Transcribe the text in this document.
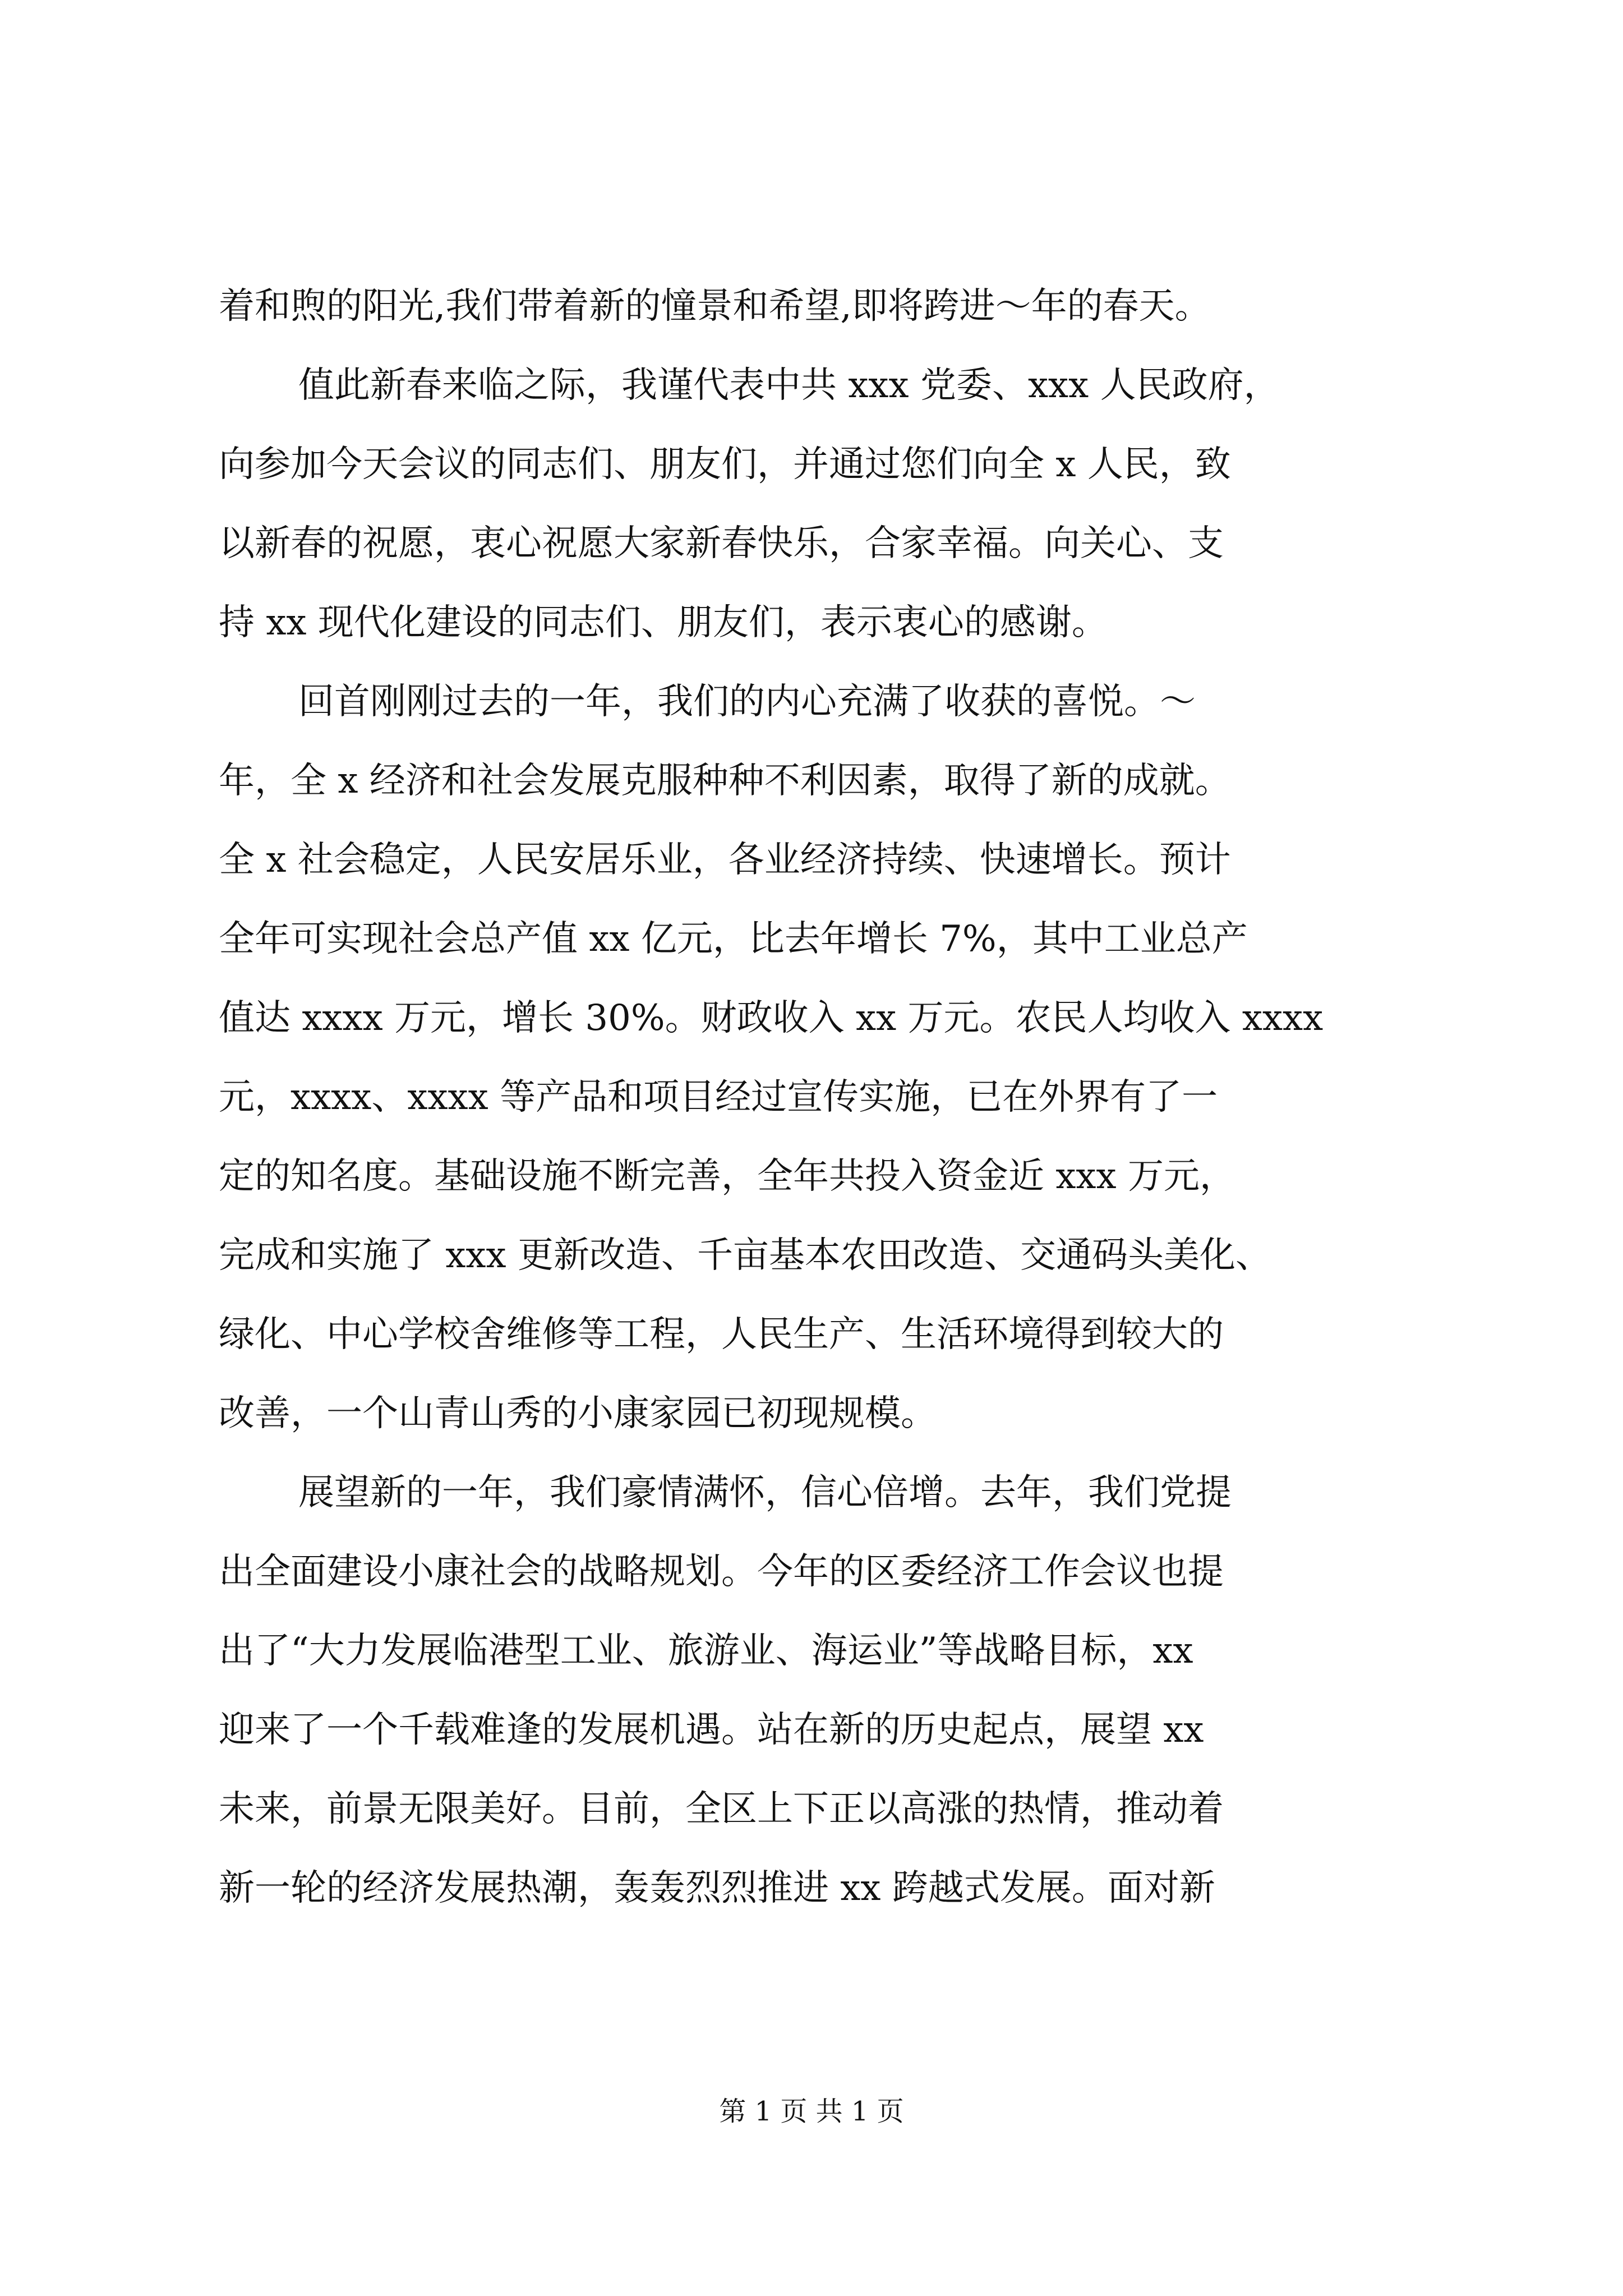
着和煦的阳光,我们带着新的憧景和希望,即将跨进～年的春天。
值此新春来临之际，我谨代表中共 xxx 党委、xxx 人民政府，
向参加今天会议的同志们、朋友们，并通过您们向全 x 人民，致
以新春的祝愿，衷心祝愿大家新春快乐，合家幸福。向关心、支
持 xx 现代化建设的同志们、朋友们，表示衷心的感谢。
回首刚刚过去的一年，我们的内心充满了收获的喜悦。～
年，全 x 经济和社会发展克服种种不利因素，取得了新的成就。
全 x 社会稳定，人民安居乐业，各业经济持续、快速增长。预计
全年可实现社会总产值 xx 亿元，比去年增长 7%，其中工业总产
值达 xxxx 万元，增长 30%。财政收入 xx 万元。农民人均收入 xxxx
元，xxxx、xxxx 等产品和项目经过宣传实施，已在外界有了一
定的知名度。基础设施不断完善，全年共投入资金近 xxx 万元，
完成和实施了 xxx 更新改造、千亩基本农田改造、交通码头美化、
绿化、中心学校舍维修等工程，人民生产、生活环境得到较大的
改善，一个山青山秀的小康家园已初现规模。
展望新的一年，我们豪情满怀，信心倍增。去年，我们党提
出全面建设小康社会的战略规划。今年的区委经济工作会议也提
出了“大力发展临港型工业、旅游业、海运业”等战略目标，xx
迎来了一个千载难逢的发展机遇。站在新的历史起点，展望 xx
未来，前景无限美好。目前，全区上下正以高涨的热情，推动着
新一轮的经济发展热潮，轰轰烈烈推进 xx 跨越式发展。面对新
第 1 页 共 1 页
